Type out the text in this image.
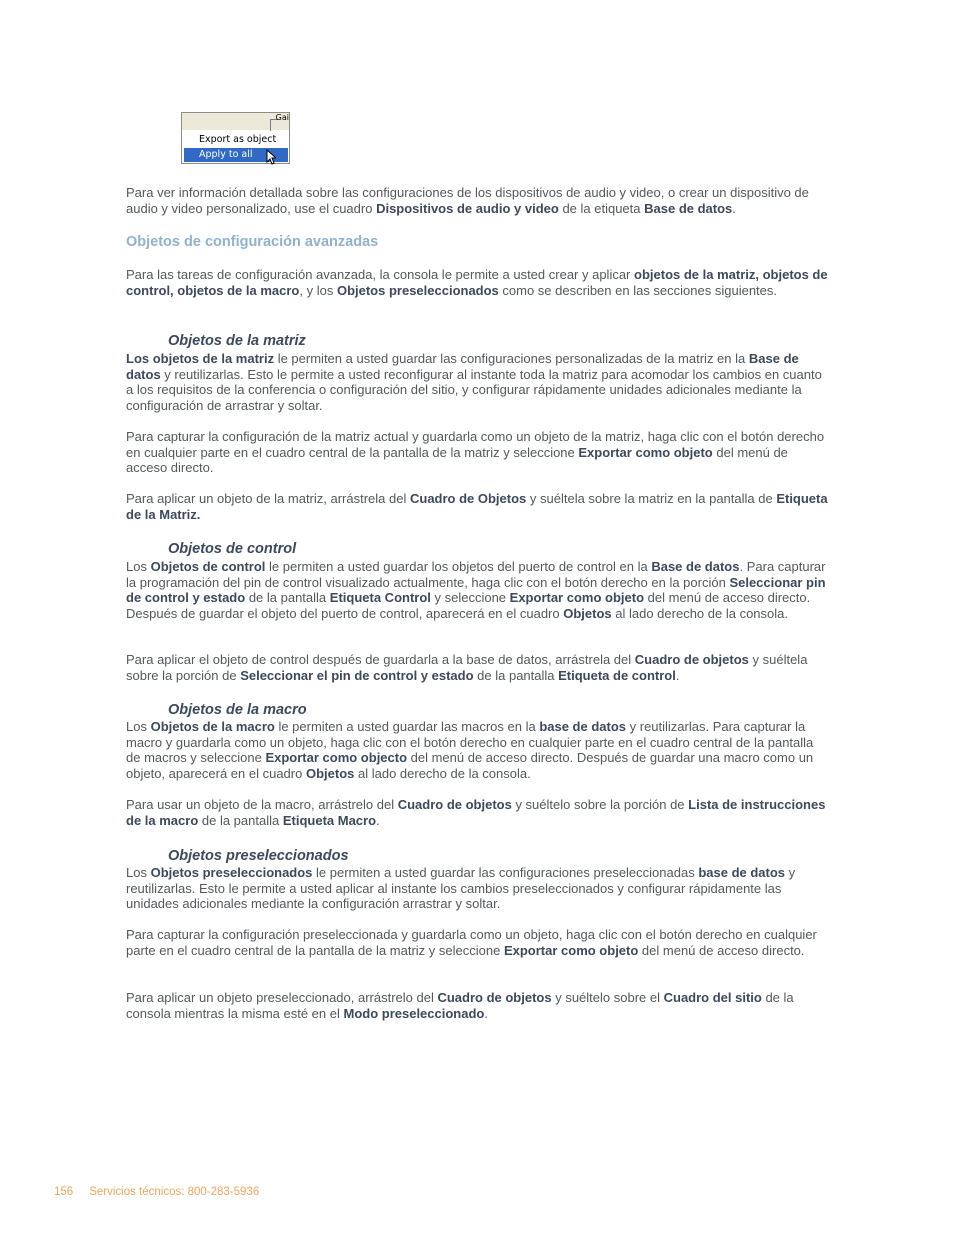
Gai
Export as object
Apply to all

Para ver información detallada sobre las configuraciones de los dispositivos de audio y video, o crear un dispositivo de audio y video personalizado, use el cuadro Dispositivos de audio y video de la etiqueta Base de datos.

Objetos de configuración avanzadas

Para las tareas de configuración avanzada, la consola le permite a usted crear y aplicar objetos de la matriz, objetos de control, objetos de la macro, y los Objetos preseleccionados como se describen en las secciones siguientes.

Objetos de la matriz

Los objetos de la matriz le permiten a usted guardar las configuraciones personalizadas de la matriz en la Base de datos y reutilizarlas. Esto le permite a usted reconfigurar al instante toda la matriz para acomodar los cambios en cuanto a los requisitos de la conferencia o configuración del sitio, y configurar rápidamente unidades adicionales mediante la configuración de arrastrar y soltar.

Para capturar la configuración de la matriz actual y guardarla como un objeto de la matriz, haga clic con el botón derecho en cualquier parte en el cuadro central de la pantalla de la matriz y seleccione Exportar como objeto del menú de acceso directo.

Para aplicar un objeto de la matriz, arrástrela del Cuadro de Objetos y suéltela sobre la matriz en la pantalla de Etiqueta de la Matriz.

Objetos de control

Los Objetos de control le permiten a usted guardar los objetos del puerto de control en la Base de datos. Para capturar la programación del pin de control visualizado actualmente, haga clic con el botón derecho en la porción Seleccionar pin de control y estado de la pantalla Etiqueta Control y seleccione Exportar como objeto del menú de acceso directo. Después de guardar el objeto del puerto de control, aparecerá en el cuadro Objetos al lado derecho de la consola.

Para aplicar el objeto de control después de guardarla a la base de datos, arrástrela del Cuadro de objetos y suéltela sobre la porción de Seleccionar el pin de control y estado de la pantalla Etiqueta de control.

Objetos de la macro

Los Objetos de la macro le permiten a usted guardar las macros en la base de datos y reutilizarlas. Para capturar la macro y guardarla como un objeto, haga clic con el botón derecho en cualquier parte en el cuadro central de la pantalla de macros y seleccione Exportar como objecto del menú de acceso directo. Después de guardar una macro como un objeto, aparecerá en el cuadro Objetos al lado derecho de la consola.

Para usar un objeto de la macro, arrástrelo del Cuadro de objetos y suéltelo sobre la porción de Lista de instrucciones de la macro de la pantalla Etiqueta Macro.

Objetos preseleccionados

Los Objetos preseleccionados le permiten a usted guardar las configuraciones preseleccionadas base de datos y reutilizarlas. Esto le permite a usted aplicar al instante los cambios preseleccionados y configurar rápidamente las unidades adicionales mediante la configuración arrastrar y soltar.

Para capturar la configuración preseleccionada y guardarla como un objeto, haga clic con el botón derecho en cualquier parte en el cuadro central de la pantalla de la matriz y seleccione Exportar como objeto del menú de acceso directo.

Para aplicar un objeto preseleccionado, arrástrelo del Cuadro de objetos y suéltelo sobre el Cuadro del sitio de la consola mientras la misma esté en el Modo preseleccionado.

156 Servicios técnicos: 800-283-5936
